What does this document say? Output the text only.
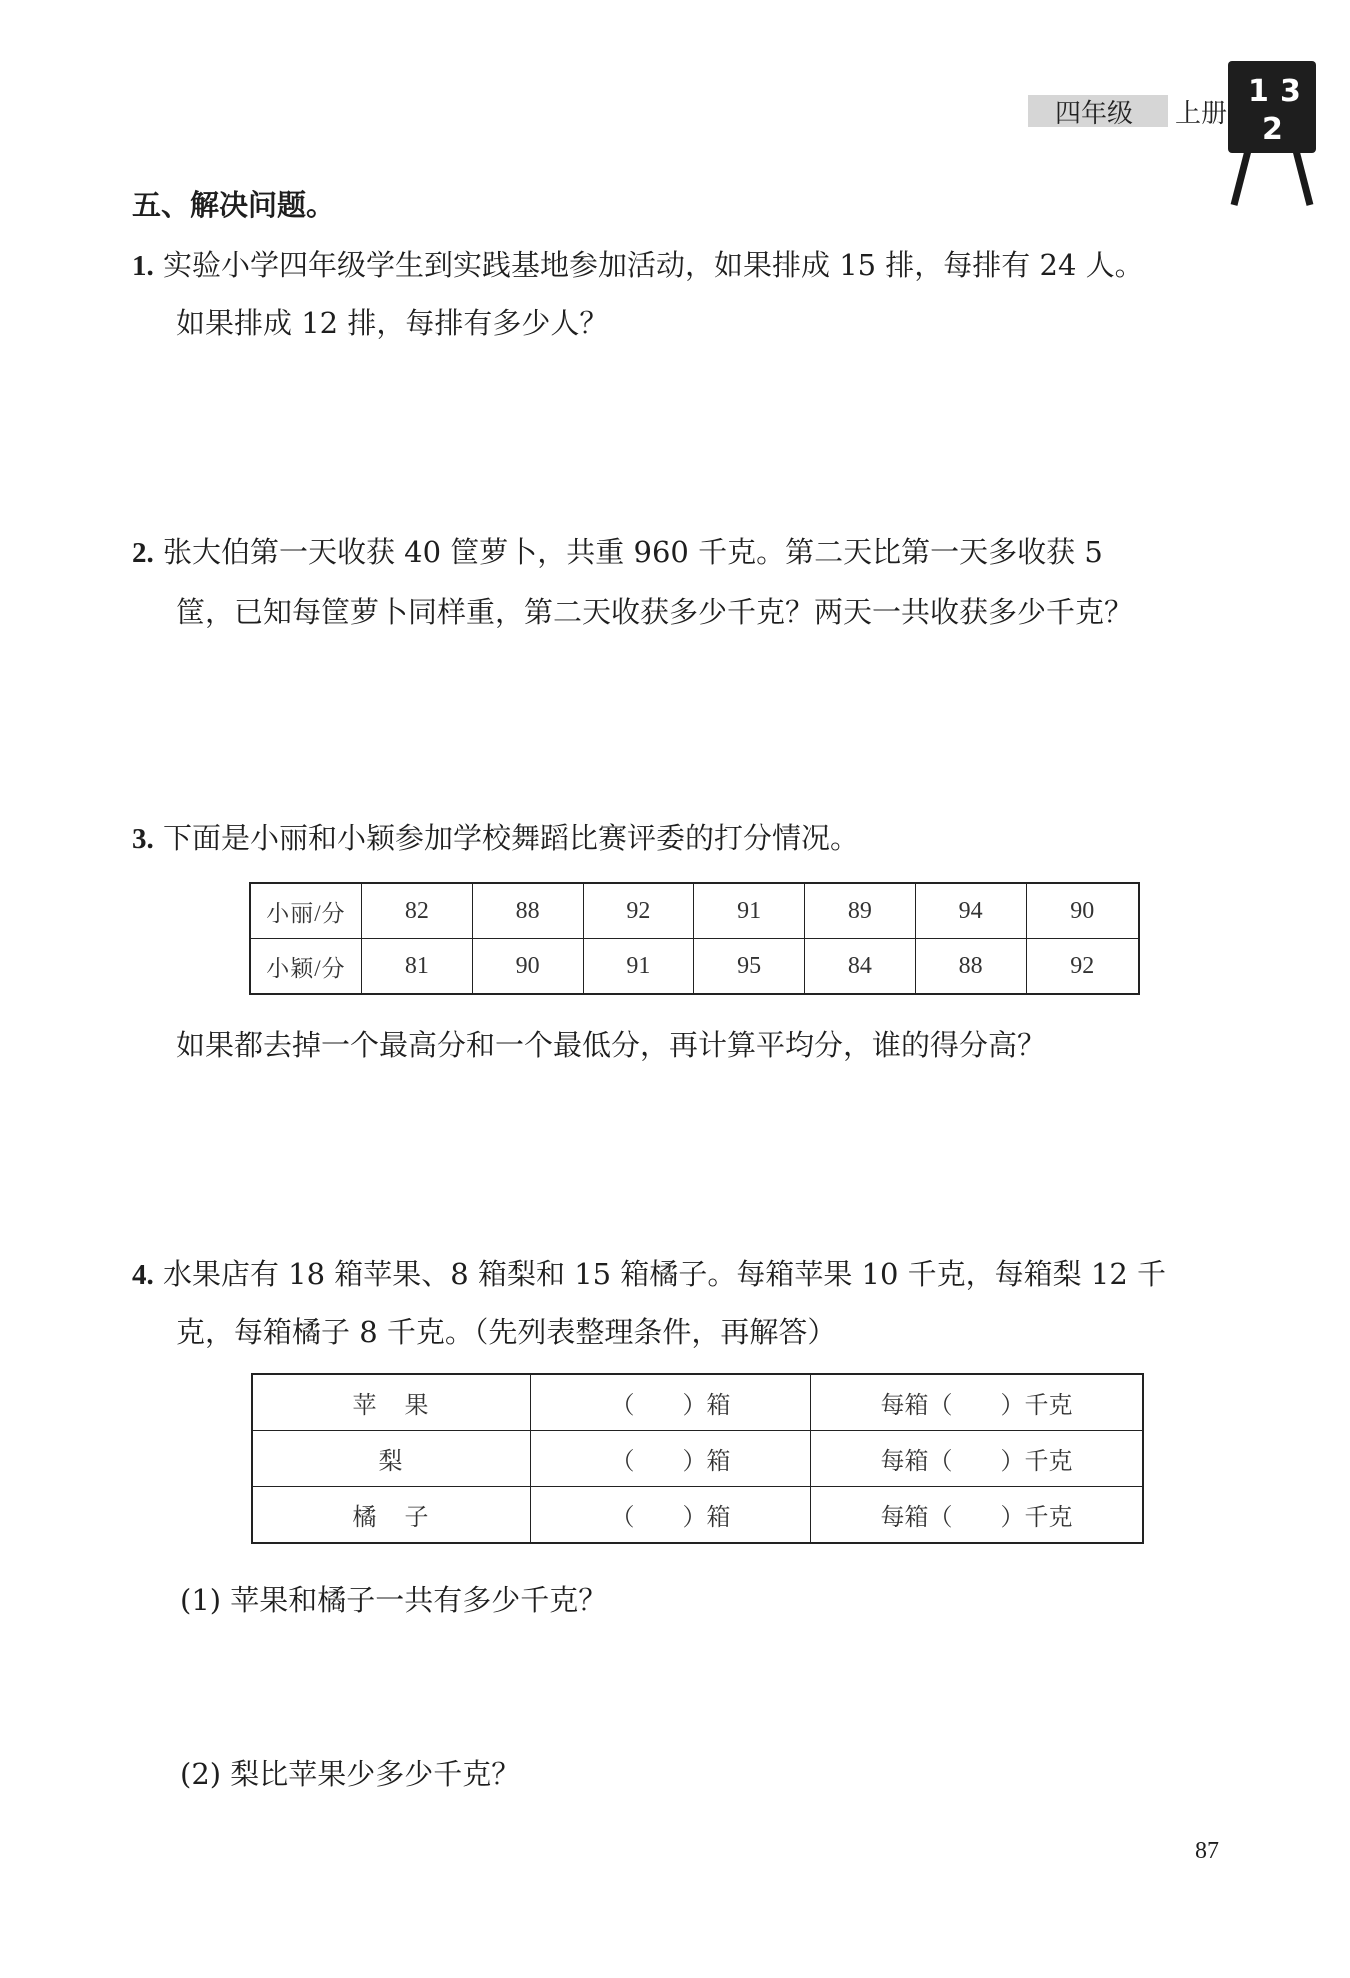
四年级 上册
1 3
2
五、解决问题。
1. 实验小学四年级学生到实践基地参加活动，如果排成 15 排，每排有 24 人。
如果排成 12 排，每排有多少人？
2. 张大伯第一天收获 40 筐萝卜，共重 960 千克。第二天比第一天多收获 5
筐，已知每筐萝卜同样重，第二天收获多少千克？两天一共收获多少千克？
3. 下面是小丽和小颖参加学校舞蹈比赛评委的打分情况。
小丽/分	82	88	92	91	89	94	90
小颖/分	81	90	91	95	84	88	92
如果都去掉一个最高分和一个最低分，再计算平均分，谁的得分高？
4. 水果店有 18 箱苹果、8 箱梨和 15 箱橘子。每箱苹果 10 千克，每箱梨 12 千
克，每箱橘子 8 千克。（先列表整理条件，再解答）
苹　果	（　　）箱	每箱（　　）千克
梨	（　　）箱	每箱（　　）千克
橘　子	（　　）箱	每箱（　　）千克
(1) 苹果和橘子一共有多少千克？
(2) 梨比苹果少多少千克？
87
